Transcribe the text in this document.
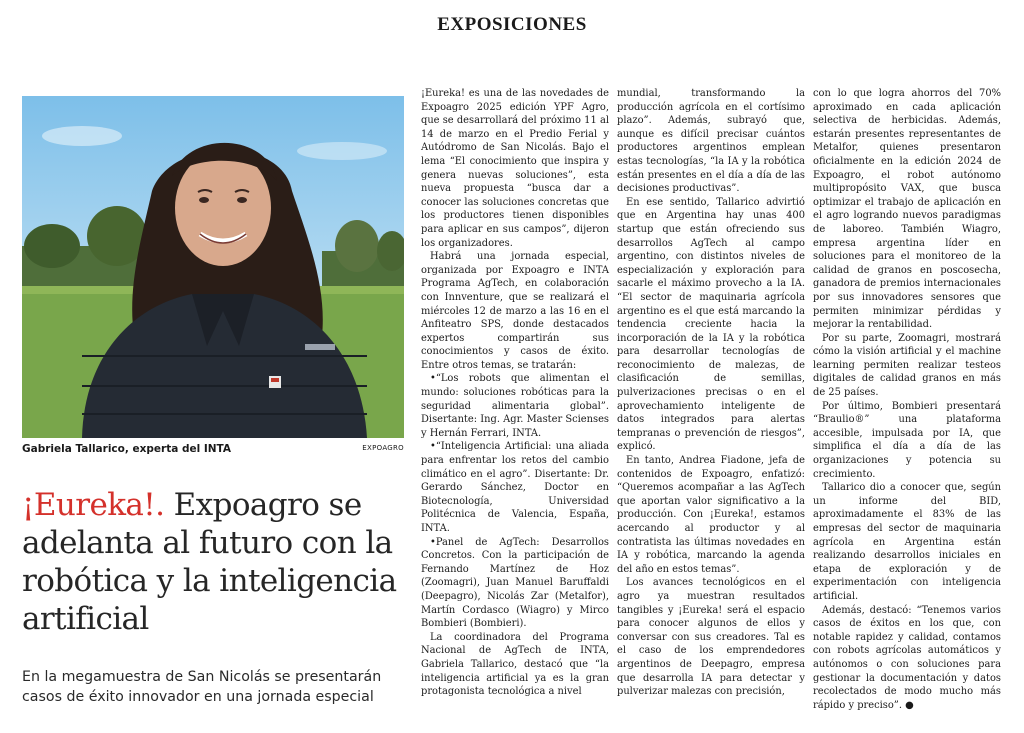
EXPOSICIONES
Gabriela Tallarico, experta del INTA	EXPOAGRO
¡Eureka!. Expoagro se adelanta al futuro con la robótica y la inteligencia artificial
En la megamuestra de San Nicolás se presentarán casos de éxito innovador en una jornada especial

¡Eureka! es una de las novedades de Expoagro 2025 edición YPF Agro, que se desarrollará del próximo 11 al 14 de marzo en el Predio Ferial y Autódromo de San Nicolás. Bajo el lema “El conocimiento que inspira y genera nuevas soluciones”, esta nueva propuesta “busca dar a conocer las soluciones concretas que los productores tienen disponibles para aplicar en sus campos”, dijeron los organizadores.

Habrá una jornada especial, organizada por Expoagro e INTA Programa AgTech, en colaboración con Innventure, que se realizará el miércoles 12 de marzo a las 16 en el Anfiteatro SPS, donde destacados expertos compartirán sus conocimientos y casos de éxito. Entre otros temas, se tratarán:

•“Los robots que alimentan el mundo: soluciones robóticas para la seguridad alimentaria global”. Disertante: Ing. Agr. Master Scienses y Hernán Ferrari, INTA.

•“Inteligencia Artificial: una aliada para enfrentar los retos del cambio climático en el agro”. Disertante: Dr. Gerardo Sánchez, Doctor en Biotecnología, Universidad Politécnica de Valencia, España, INTA.

•Panel de AgTech: Desarrollos Concretos. Con la participación de Fernando Martínez de Hoz (Zoomagri), Juan Manuel Baruffaldi (Deepagro), Nicolás Zar (Metalfor), Martín Cordasco (Wiagro) y Mirco Bombieri (Bombieri).

La coordinadora del Programa Nacional de AgTech de INTA, Gabriela Tallarico, destacó que “la inteligencia artificial ya es la gran protagonista tecnológica a nivel

mundial, transformando la producción agrícola en el cortísimo plazo”. Además, subrayó que, aunque es difícil precisar cuántos productores argentinos emplean estas tecnologías, “la IA y la robótica están presentes en el día a día de las decisiones productivas”.

En ese sentido, Tallarico advirtió que en Argentina hay unas 400 startup que están ofreciendo sus desarrollos AgTech al campo argentino, con distintos niveles de especialización y exploración para sacarle el máximo provecho a la IA. “El sector de maquinaria agrícola argentino es el que está marcando la tendencia creciente hacia la incorporación de la IA y la robótica para desarrollar tecnologías de reconocimiento de malezas, de clasificación de semillas, pulverizaciones precisas o en el aprovechamiento inteligente de datos integrados para alertas tempranas o prevención de riesgos”, explicó.

En tanto, Andrea Fiadone, jefa de contenidos de Expoagro, enfatizó: “Queremos acompañar a las AgTech que aportan valor significativo a la producción. Con ¡Eureka!, estamos acercando al productor y al contratista las últimas novedades en IA y robótica, marcando la agenda del año en estos temas”.

Los avances tecnológicos en el agro ya muestran resultados tangibles y ¡Eureka! será el espacio para conocer algunos de ellos y conversar con sus creadores. Tal es el caso de los emprendedores argentinos de Deepagro, empresa que desarrolla IA para detectar y pulverizar malezas con precisión,

con lo que logra ahorros del 70% aproximado en cada aplicación selectiva de herbicidas. Además, estarán presentes representantes de Metalfor, quienes presentaron oficialmente en la edición 2024 de Expoagro, el robot autónomo multipropósito VAX, que busca optimizar el trabajo de aplicación en el agro logrando nuevos paradigmas de laboreo. También Wiagro, empresa argentina líder en soluciones para el monitoreo de la calidad de granos en poscosecha, ganadora de premios internacionales por sus innovadores sensores que permiten minimizar pérdidas y mejorar la rentabilidad.

Por su parte, Zoomagri, mostrará cómo la visión artificial y el machine learning permiten realizar testeos digitales de calidad granos en más de 25 países.

Por último, Bombieri presentará “Braulio®” una plataforma accesible, impulsada por IA, que simplifica el día a día de las organizaciones y potencia su crecimiento.

Tallarico dio a conocer que, según un informe del BID, aproximadamente el 83% de las empresas del sector de maquinaria agrícola en Argentina están realizando desarrollos iniciales en etapa de exploración y de experimentación con inteligencia artificial.

Además, destacó: “Tenemos varios casos de éxitos en los que, con notable rapidez y calidad, contamos con robots agrícolas automáticos y autónomos o con soluciones para gestionar la documentación y datos recolectados de modo mucho más rápido y preciso”. ●
